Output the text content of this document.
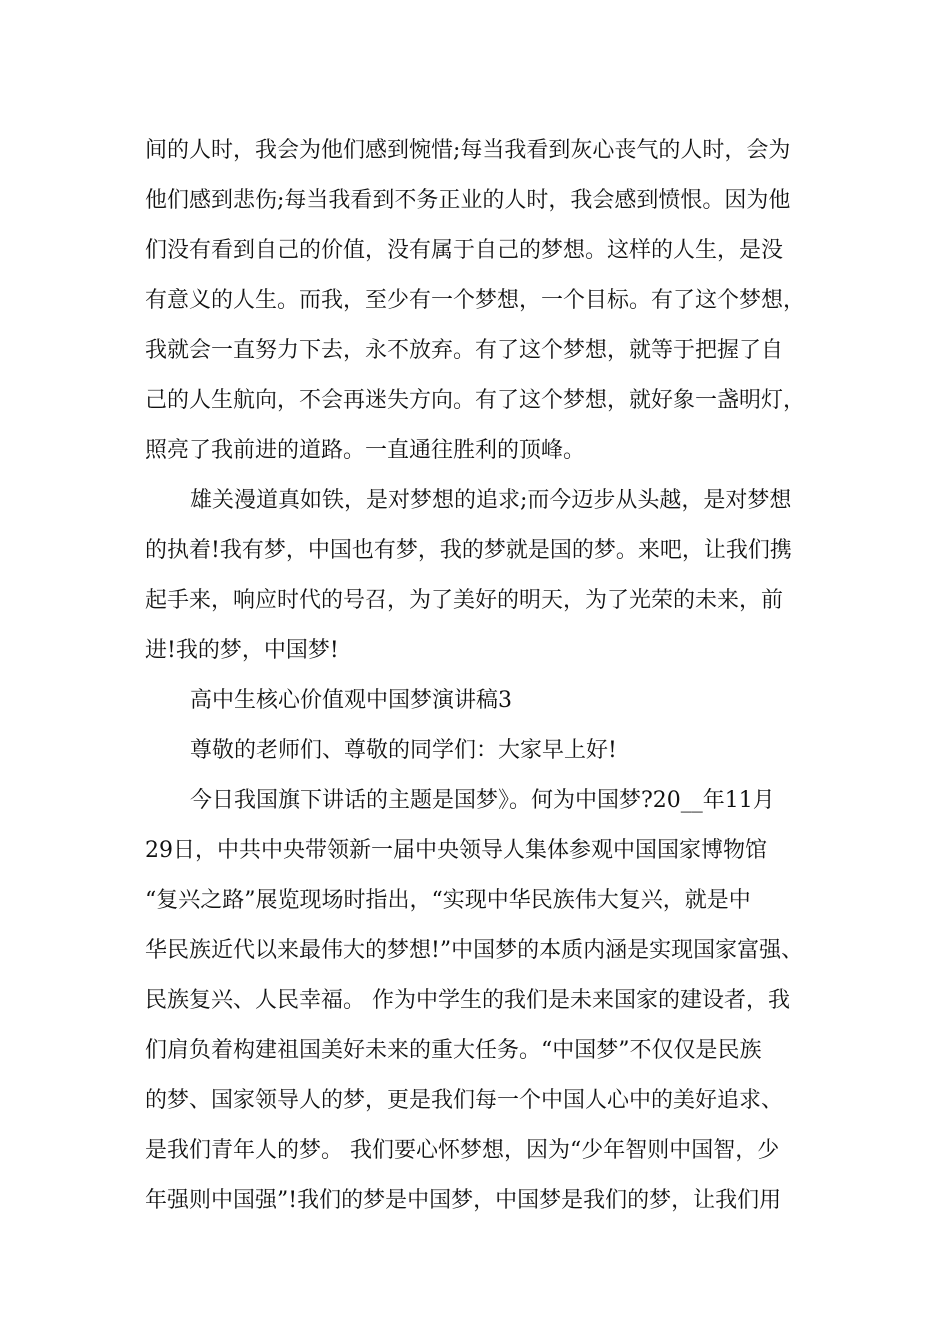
间的人时，我会为他们感到惋惜;每当我看到灰心丧气的人时，会为
他们感到悲伤;每当我看到不务正业的人时，我会感到愤恨。因为他
们没有看到自己的价值，没有属于自己的梦想。这样的人生，是没
有意义的人生。而我，至少有一个梦想，一个目标。有了这个梦想，
我就会一直努力下去，永不放弃。有了这个梦想，就等于把握了自
己的人生航向，不会再迷失方向。有了这个梦想，就好象一盏明灯，
照亮了我前进的道路。一直通往胜利的顶峰。
雄关漫道真如铁，是对梦想的追求;而今迈步从头越，是对梦想
的执着!我有梦，中国也有梦，我的梦就是国的梦。来吧，让我们携
起手来，响应时代的号召，为了美好的明天，为了光荣的未来，前
进!我的梦，中国梦!
高中生核心价值观中国梦演讲稿3
尊敬的老师们、尊敬的同学们：大家早上好!
今日我国旗下讲话的主题是国梦》。何为中国梦?20__年11月
29日，中共中央带领新一届中央领导人集体参观中国国家博物馆
“复兴之路”展览现场时指出，“实现中华民族伟大复兴，就是中
华民族近代以来最伟大的梦想!”中国梦的本质内涵是实现国家富强、
民族复兴、人民幸福。 作为中学生的我们是未来国家的建设者，我
们肩负着构建祖国美好未来的重大任务。“中国梦”不仅仅是民族
的梦、国家领导人的梦，更是我们每一个中国人心中的美好追求、
是我们青年人的梦。 我们要心怀梦想，因为“少年智则中国智，少
年强则中国强”!我们的梦是中国梦，中国梦是我们的梦，让我们用
